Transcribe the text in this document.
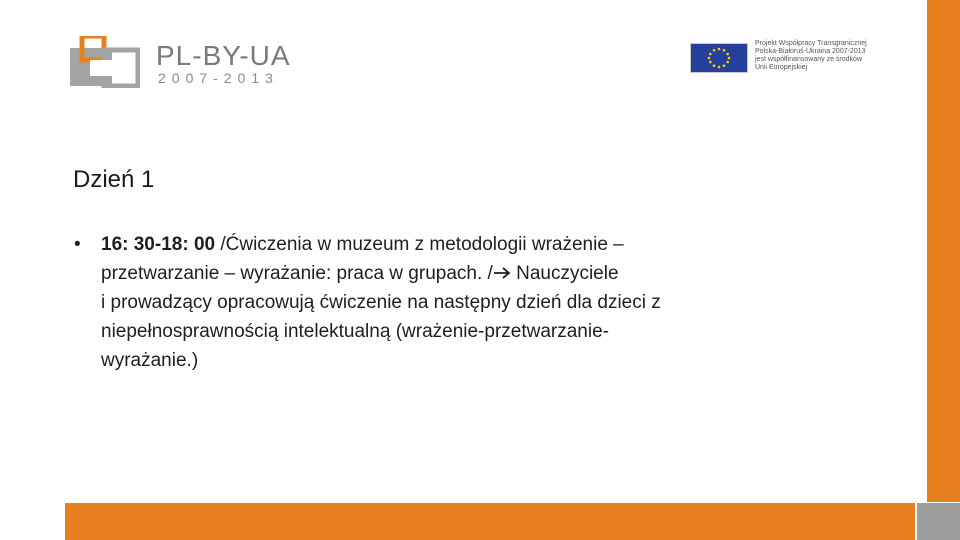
PL-BY-UA
2007-2013
Projekt Współpracy Transgranicznej
Polska-Białoruś-Ukraina 2007-2013
jest współfinansowany ze środków
Unii Europejskiej
Dzień 1
• 16: 30-18: 00 /Ćwiczenia w muzeum z metodologii wrażenie –
przetwarzanie – wyrażanie: praca w grupach. / Nauczyciele
i prowadzący opracowują ćwiczenie na następny dzień dla dzieci z
niepełnosprawnością intelektualną (wrażenie-przetwarzanie-
wyrażanie.)
